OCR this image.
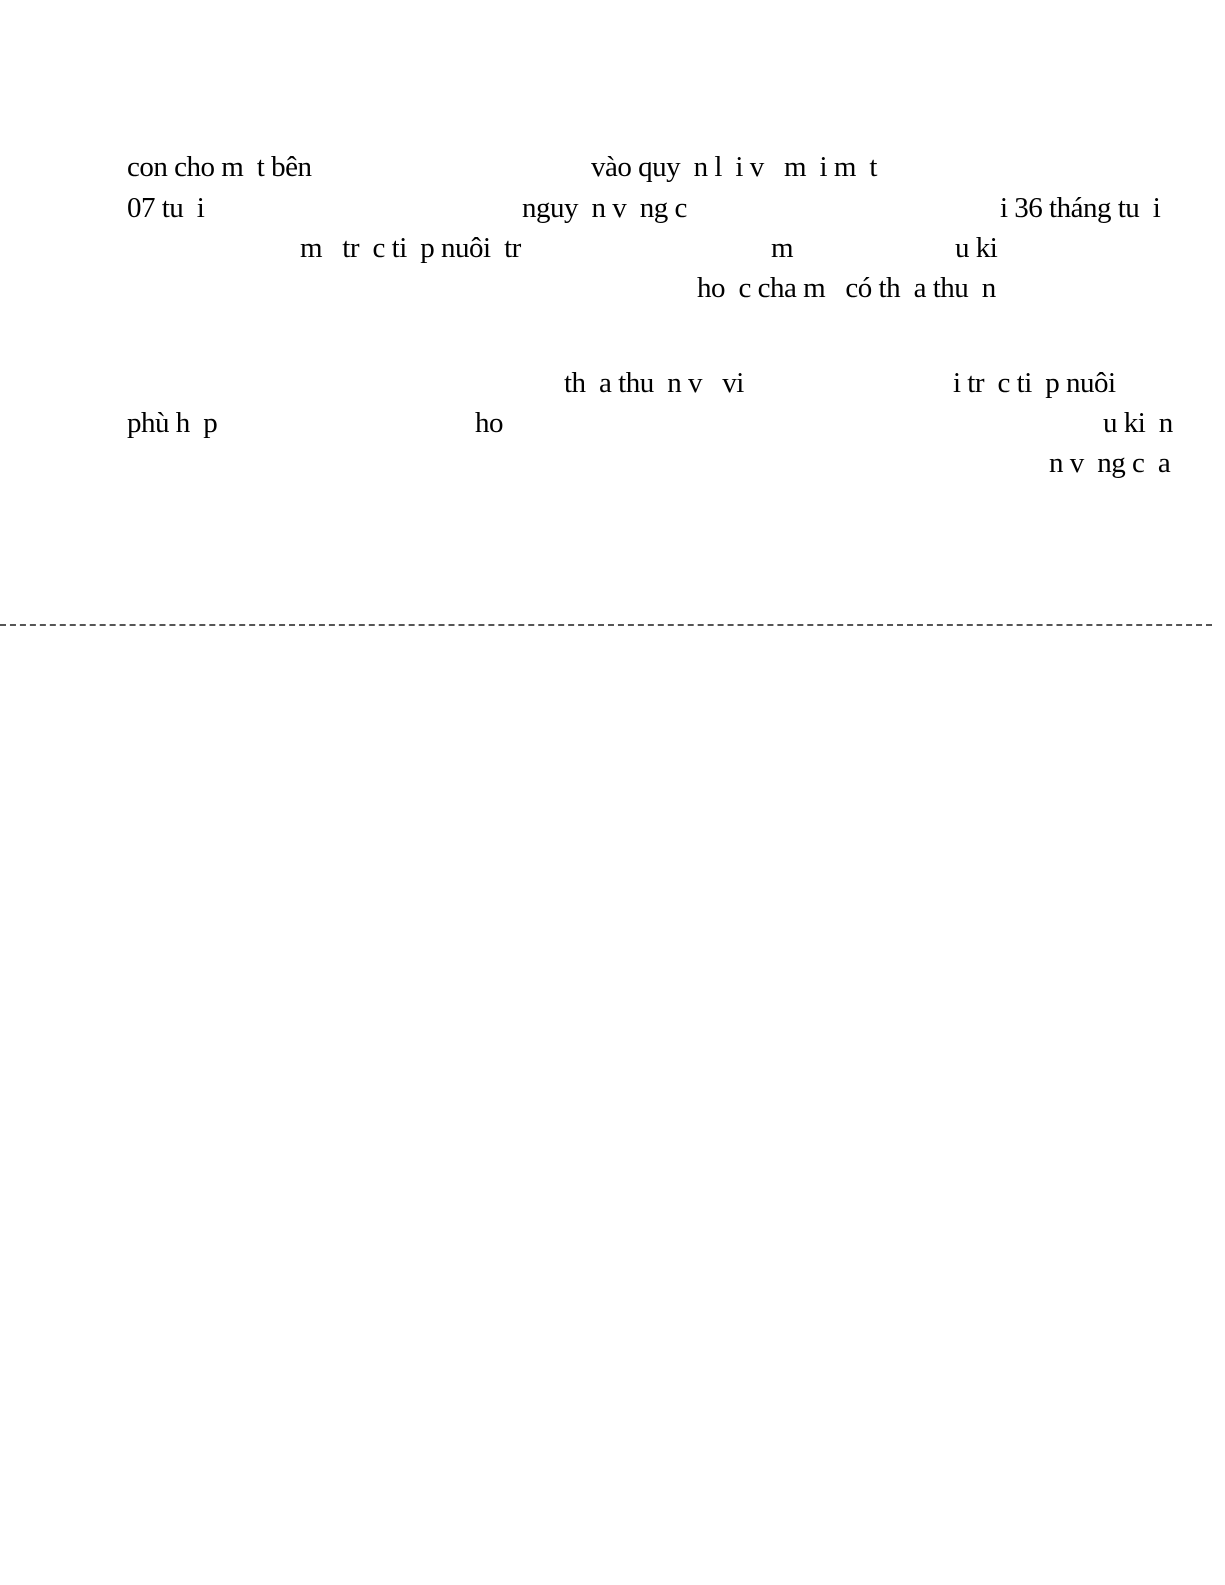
con cho m  t bên	vào quy  n l  i v   m  i m  t
07 tu  i	nguy  n v  ng c	i 36 tháng tu  i
m   tr  c ti  p nuôi  tr	m	u ki
ho  c cha m   có th  a thu  n
th  a thu  n v   vi	i tr  c ti  p nuôi
phù h  p	ho	u ki  n
n v  ng c  a
